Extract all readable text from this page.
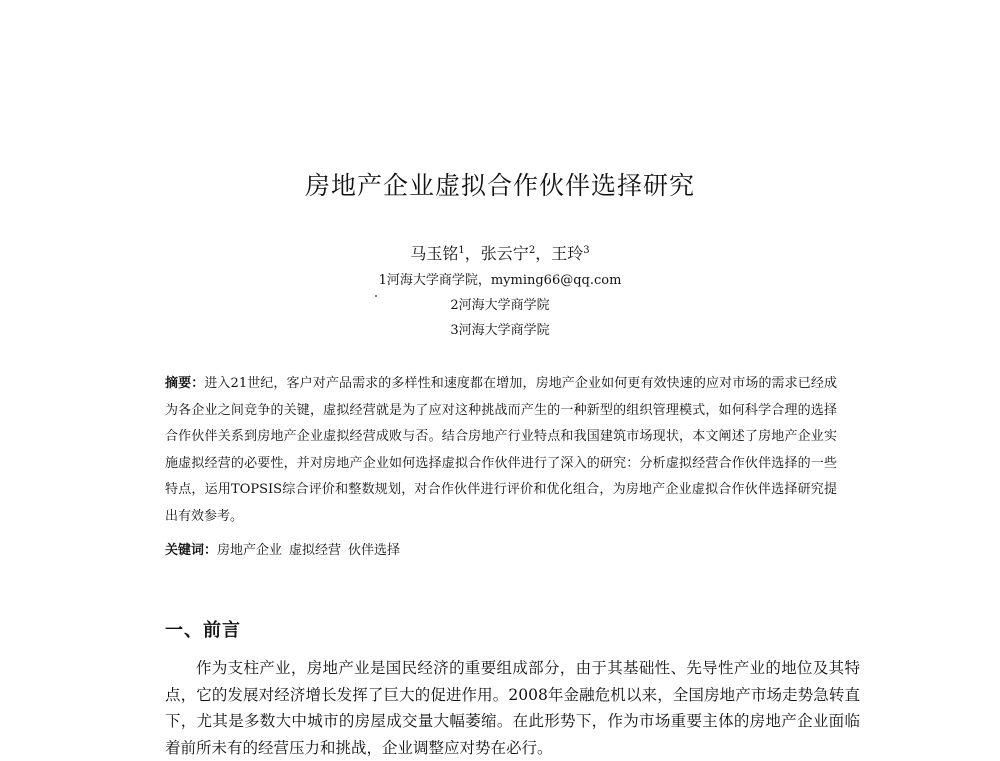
房地产企业虚拟合作伙伴选择研究
马玉铭$^1$，张云宁$^2$，王玲$^3$
1河海大学商学院，myming66@qq.com
2河海大学商学院
3河海大学商学院
摘要：进入21世纪，客户对产品需求的多样性和速度都在增加，房地产企业如何更有效快速的应对市场的需求已经成为各企业之间竞争的关键，虚拟经营就是为了应对这种挑战而产生的一种新型的组织管理模式，如何科学合理的选择合作伙伴关系到房地产企业虚拟经营成败与否。结合房地产行业特点和我国建筑市场现状，本文阐述了房地产企业实施虚拟经营的必要性，并对房地产企业如何选择虚拟合作伙伴进行了深入的研究：分析虚拟经营合作伙伴选择的一些特点，运用TOPSIS综合评价和整数规划，对合作伙伴进行评价和优化组合，为房地产企业虚拟合作伙伴选择研究提出有效参考。
关键词：房地产企业 虚拟经营 伙伴选择
一、前言
作为支柱产业，房地产业是国民经济的重要组成部分，由于其基础性、先导性产业的地位及其特点，它的发展对经济增长发挥了巨大的促进作用。2008年金融危机以来，全国房地产市场走势急转直下，尤其是多数大中城市的房屋成交量大幅萎缩。在此形势下，作为市场重要主体的房地产企业面临着前所未有的经营压力和挑战，企业调整应对势在必行。
